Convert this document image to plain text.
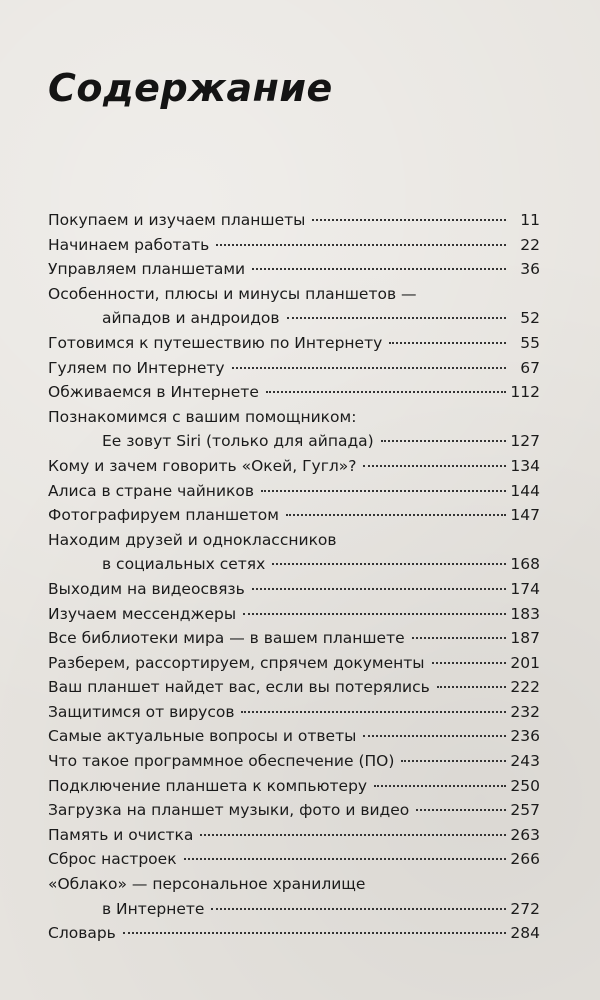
Содержание
Покупаем и изучаем планшеты	11
Начинаем работать	22
Управляем планшетами	36
Особенности, плюсы и минусы планшетов —
айпадов и андроидов	52
Готовимся к путешествию по Интернету	55
Гуляем по Интернету	67
Обживаемся в Интернете	112
Познакомимся с вашим помощником:
Ее зовут Siri (только для айпада)	127
Кому и зачем говорить «Окей, Гугл»?	134
Алиса в стране чайников	144
Фотографируем планшетом	147
Находим друзей и одноклассников
в социальных сетях	168
Выходим на видеосвязь	174
Изучаем мессенджеры	183
Все библиотеки мира — в вашем планшете	187
Разберем, рассортируем, спрячем документы	201
Ваш планшет найдет вас, если вы потерялись	222
Защитимся от вирусов	232
Самые актуальные вопросы и ответы	236
Что такое программное обеспечение (ПО)	243
Подключение планшета к компьютеру	250
Загрузка на планшет музыки, фото и видео	257
Память и очистка	263
Сброс настроек	266
«Облако» — персональное хранилище
в Интернете	272
Словарь	284
